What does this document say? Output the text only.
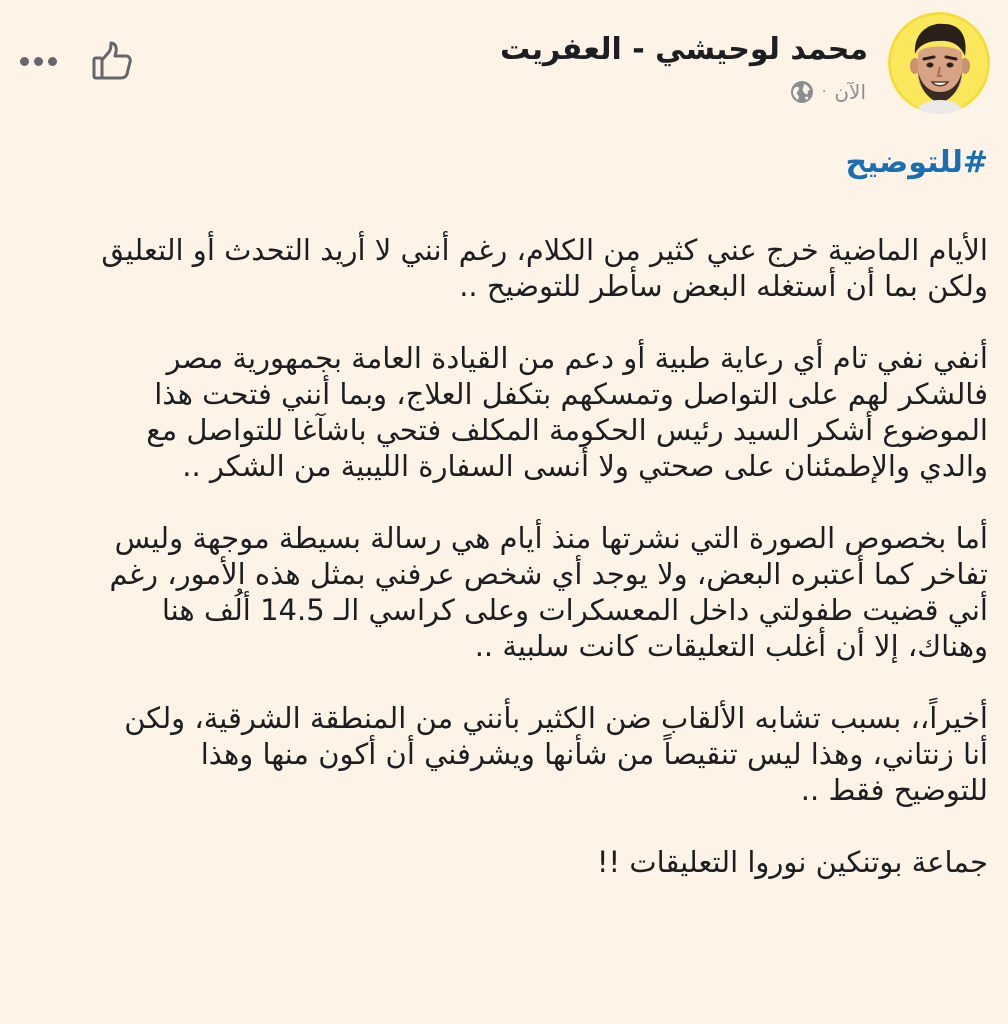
محمد لوحيشي - العفريت
الآن
·
#للتوضيح

الأيام الماضية خرج عني كثير من الكلام، رغم أنني لا أريد التحدث أو التعليق
ولكن بما أن أستغله البعض سأطر للتوضيح ..

أنفي نفي تام أي رعاية طبية أو دعم من القيادة العامة بجمهورية مصر
فالشكر لهم على التواصل وتمسكهم بتكفل العلاج، وبما أنني فتحت هذا
الموضوع أشكر السيد رئيس الحكومة المكلف فتحي باشآغا للتواصل مع
والدي والإطمئنان على صحتي ولا أنسى السفارة الليبية من الشكر ..

أما بخصوص الصورة التي نشرتها منذ أيام هي رسالة بسيطة موجهة وليس
تفاخر كما أعتبره البعض، ولا يوجد أي شخص عرفني بمثل هذه الأمور، رغم
أني قضيت طفولتي داخل المعسكرات وعلى كراسي الـ 14.5 ألُف هنا
وهناك، إلا أن أغلب التعليقات كانت سلبية ..

أخيراً،، بسبب تشابه الألقاب ضن الكثير بأنني من المنطقة الشرقية، ولكن
أنا زنتاني، وهذا ليس تنقيصاً من شأنها ويشرفني أن أكون منها وهذا
للتوضيح فقط ..

جماعة بوتنكين نوروا التعليقات !!
